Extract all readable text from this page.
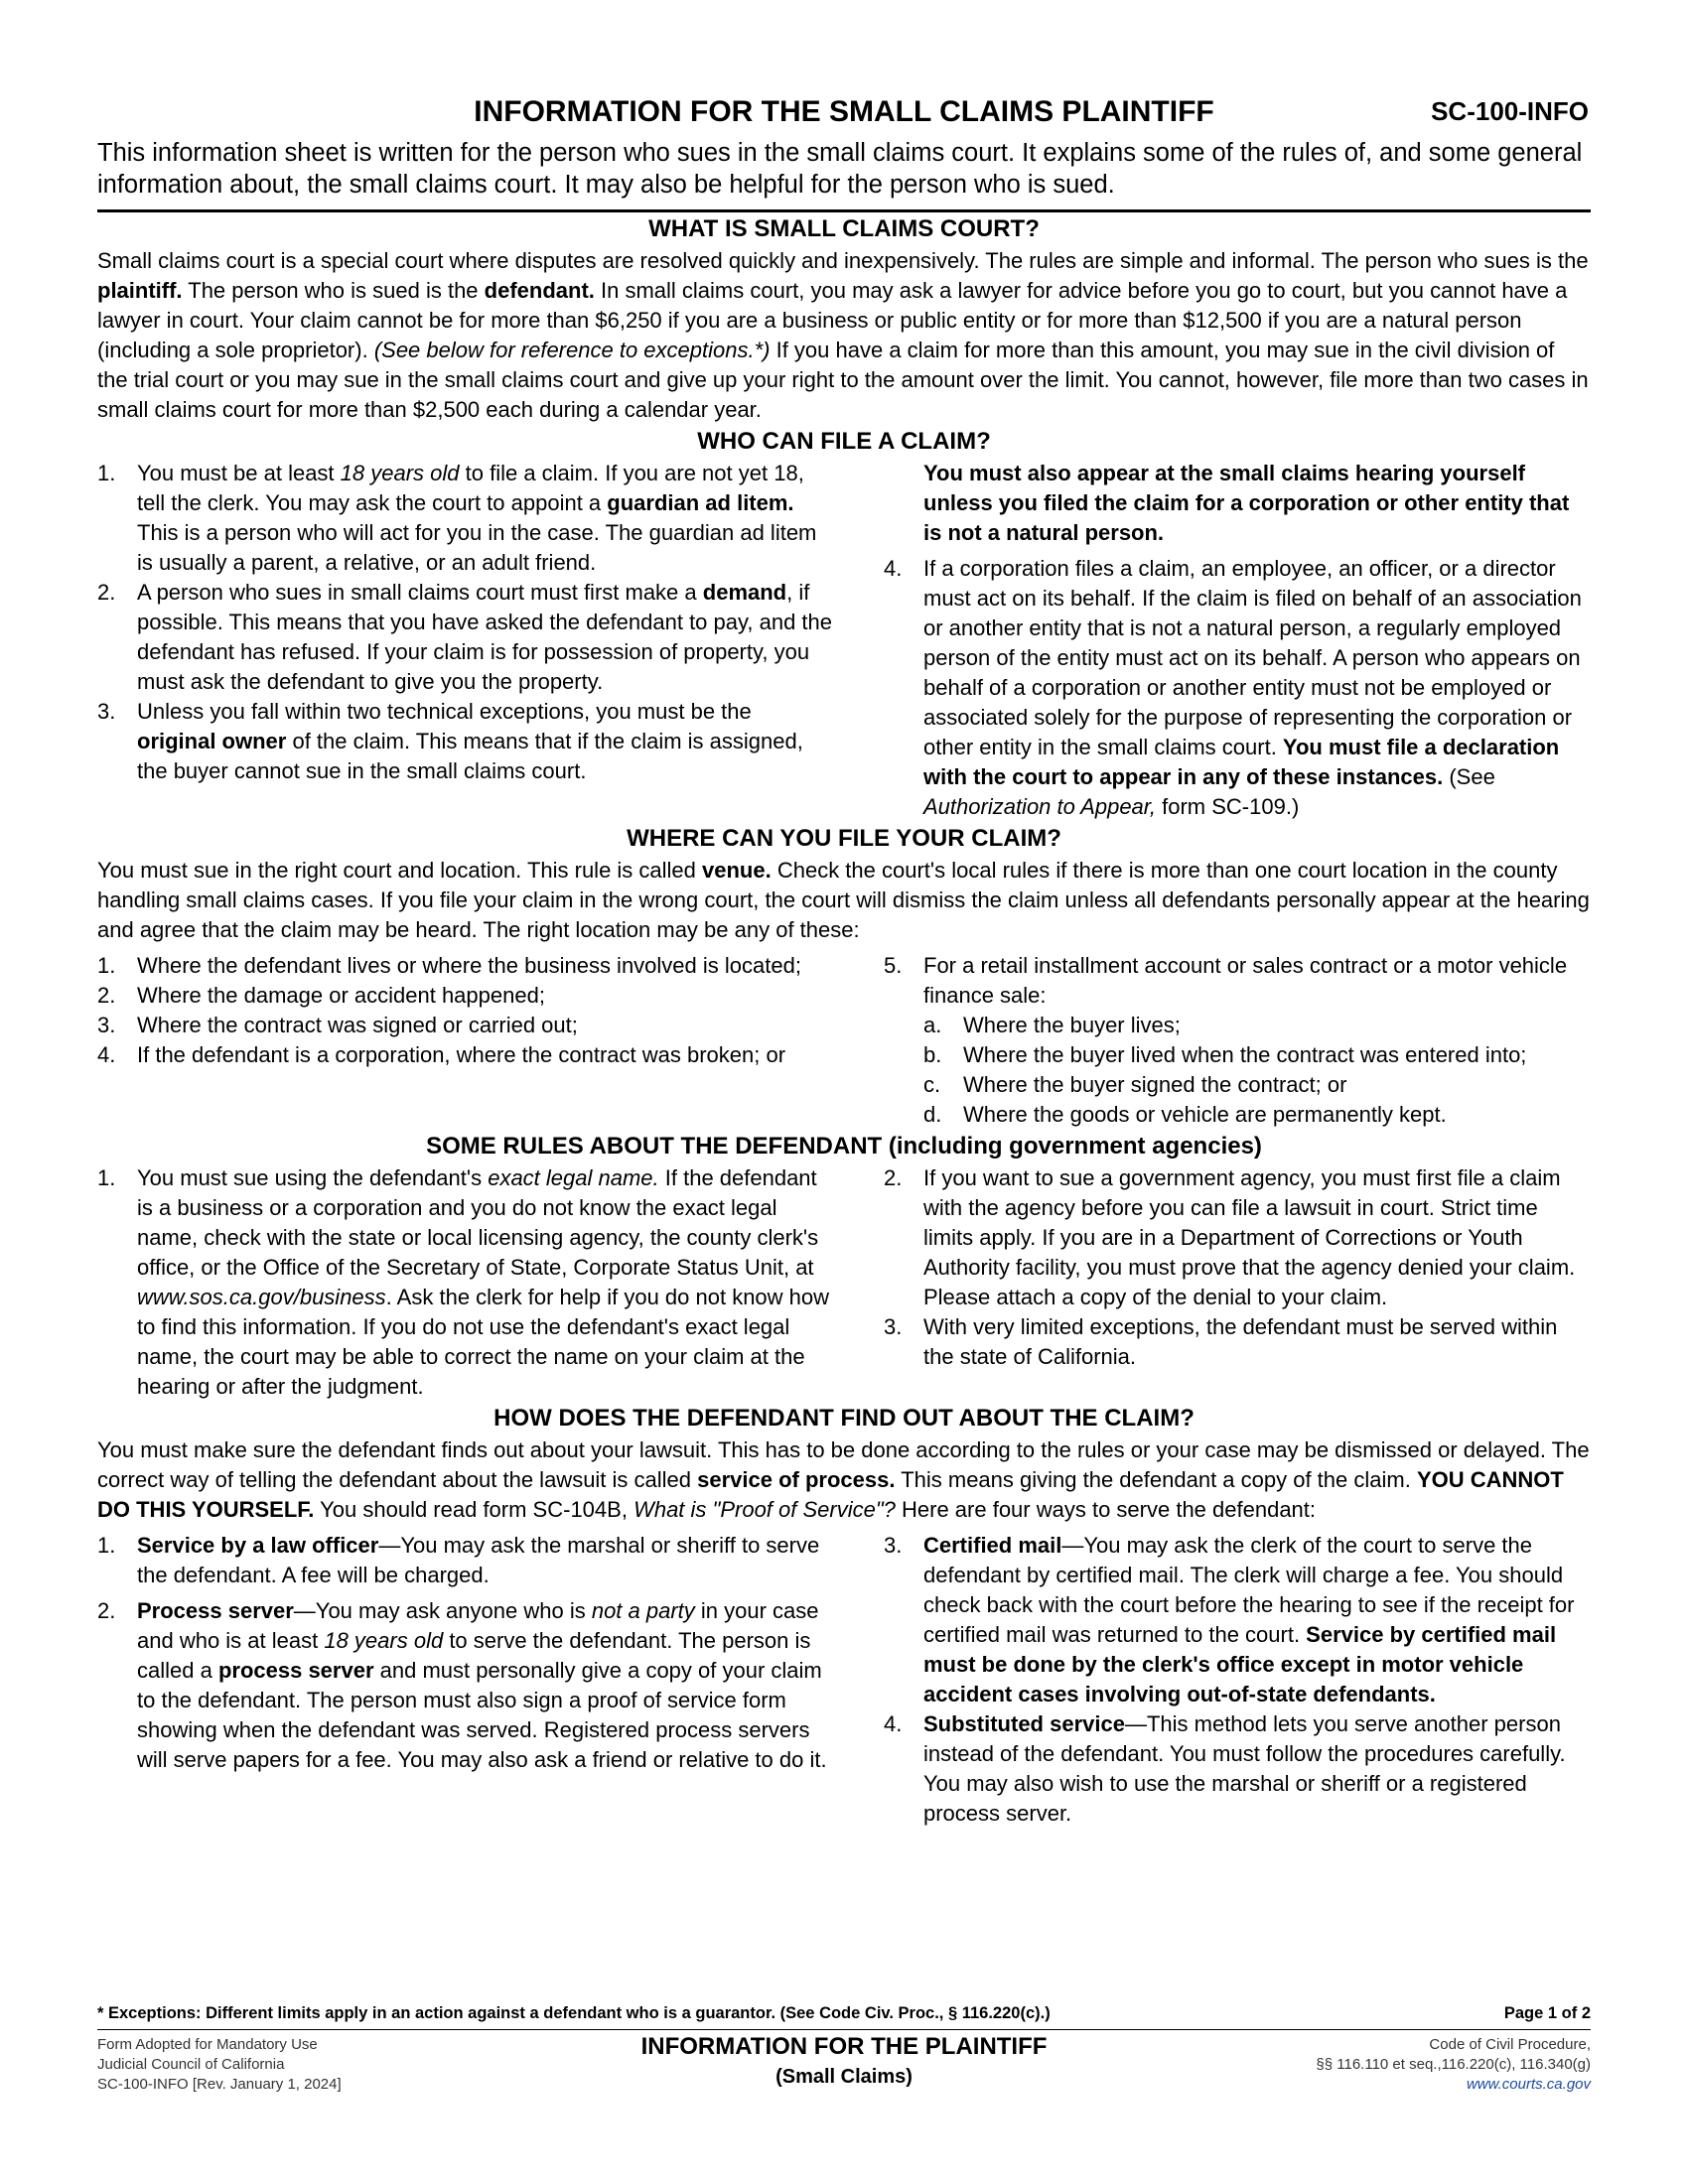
INFORMATION FOR THE SMALL CLAIMS PLAINTIFF	SC-100-INFO
This information sheet is written for the person who sues in the small claims court. It explains some of the rules of, and some general information about, the small claims court. It may also be helpful for the person who is sued.
WHAT IS SMALL CLAIMS COURT?

Small claims court is a special court where disputes are resolved quickly and inexpensively. The rules are simple and informal. The person who sues is the plaintiff. The person who is sued is the defendant. In small claims court, you may ask a lawyer for advice before you go to court, but you cannot have a lawyer in court. Your claim cannot be for more than $6,250 if you are a business or public entity or for more than $12,500 if you are a natural person (including a sole proprietor). (See below for reference to exceptions.*) If you have a claim for more than this amount, you may sue in the civil division of the trial court or you may sue in the small claims court and give up your right to the amount over the limit. You cannot, however, file more than two cases in small claims court for more than $2,500 each during a calendar year.

WHO CAN FILE A CLAIM?
1. You must be at least 18 years old to file a claim. If you are not yet 18, tell the clerk. You may ask the court to appoint a guardian ad litem. This is a person who will act for you in the case. The guardian ad litem is usually a parent, a relative, or an adult friend.
2. A person who sues in small claims court must first make a demand, if possible. This means that you have asked the defendant to pay, and the defendant has refused. If your claim is for possession of property, you must ask the defendant to give you the property.
3. Unless you fall within two technical exceptions, you must be the original owner of the claim. This means that if the claim is assigned, the buyer cannot sue in the small claims court.
You must also appear at the small claims hearing yourself unless you filed the claim for a corporation or other entity that is not a natural person.
4. If a corporation files a claim, an employee, an officer, or a director must act on its behalf. If the claim is filed on behalf of an association or another entity that is not a natural person, a regularly employed person of the entity must act on its behalf. A person who appears on behalf of a corporation or another entity must not be employed or associated solely for the purpose of representing the corporation or other entity in the small claims court. You must file a declaration with the court to appear in any of these instances. (See Authorization to Appear, form SC-109.)
WHERE CAN YOU FILE YOUR CLAIM?

You must sue in the right court and location. This rule is called venue. Check the court's local rules if there is more than one court location in the county handling small claims cases. If you file your claim in the wrong court, the court will dismiss the claim unless all defendants personally appear at the hearing and agree that the claim may be heard. The right location may be any of these:

1. Where the defendant lives or where the business involved is located;
2. Where the damage or accident happened;
3. Where the contract was signed or carried out;
4. If the defendant is a corporation, where the contract was broken; or
5. For a retail installment account or sales contract or a motor vehicle finance sale:
a. Where the buyer lives;
b. Where the buyer lived when the contract was entered into;
c.	Where the buyer signed the contract; or
d. Where the goods or vehicle are permanently kept.
SOME RULES ABOUT THE DEFENDANT (including government agencies)
1. You must sue using the defendant's exact legal name. If the defendant is a business or a corporation and you do not know the exact legal name, check with the state or local licensing agency, the county clerk's office, or the Office of the Secretary of State, Corporate Status Unit, at www.sos.ca.gov/business. Ask the clerk for help if you do not know how to find this information. If you do not use the defendant's exact legal name, the court may be able to correct the name on your claim at the hearing or after the judgment.
2. If you want to sue a government agency, you must first file a claim with the agency before you can file a lawsuit in court. Strict time limits apply. If you are in a Department of Corrections or Youth Authority facility, you must prove that the agency denied your claim. Please attach a copy of the denial to your claim.
3. With very limited exceptions, the defendant must be served within the state of California.
HOW DOES THE DEFENDANT FIND OUT ABOUT THE CLAIM?

You must make sure the defendant finds out about your lawsuit. This has to be done according to the rules or your case may be dismissed or delayed. The correct way of telling the defendant about the lawsuit is called service of process. This means giving the defendant a copy of the claim. YOU CANNOT DO THIS YOURSELF. You should read form SC-104B, What is "Proof of Service"? Here are four ways to serve the defendant:

1. Service by a law officer—You may ask the marshal or sheriff to serve the defendant. A fee will be charged.
2. Process server—You may ask anyone who is not a party in your case and who is at least 18 years old to serve the defendant. The person is called a process server and must personally give a copy of your claim to the defendant. The person must also sign a proof of service form showing when the defendant was served. Registered process servers will serve papers for a fee. You may also ask a friend or relative to do it.
3. Certified mail—You may ask the clerk of the court to serve the defendant by certified mail. The clerk will charge a fee. You should check back with the court before the hearing to see if the receipt for certified mail was returned to the court. Service by certified mail must be done by the clerk's office except in motor vehicle accident cases involving out-of-state defendants.
4. Substituted service—This method lets you serve another person instead of the defendant. You must follow the procedures carefully. You may also wish to use the marshal or sheriff or a registered process server.
* Exceptions: Different limits apply in an action against a defendant who is a guarantor. (See Code Civ. Proc., § 116.220(c).)	Page 1 of 2
Form Adopted for Mandatory Use
Judicial Council of California
SC-100-INFO [Rev. January 1, 2024]
INFORMATION FOR THE PLAINTIFF
(Small Claims)
Code of Civil Procedure,
§§ 116.110 et seq.,116.220(c), 116.340(g)
www.courts.ca.gov
